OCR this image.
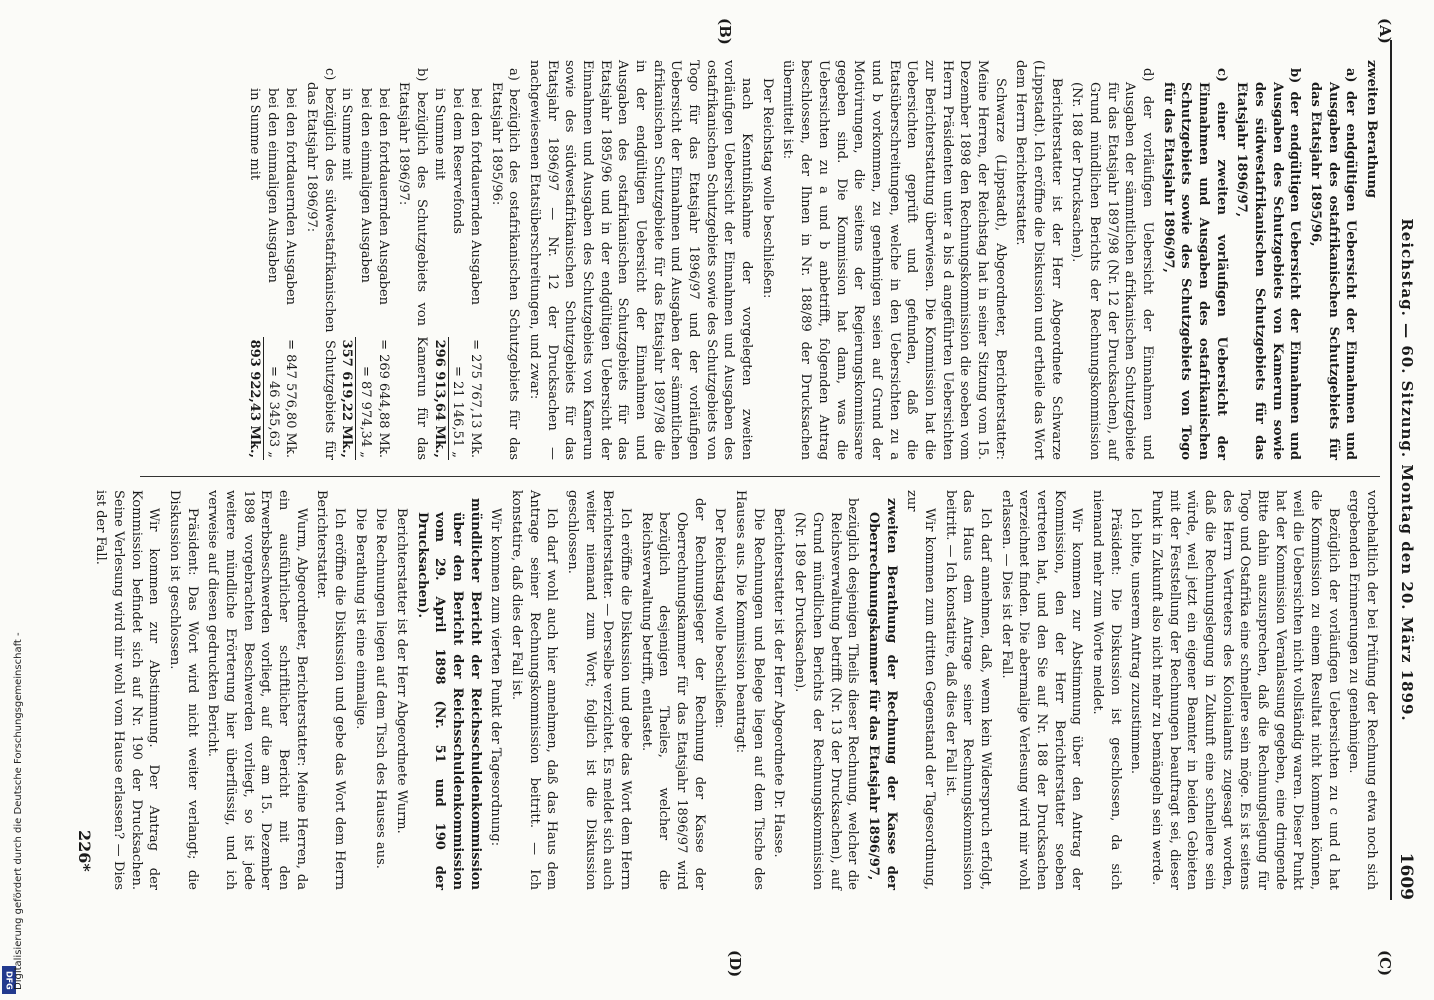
Reichstag. — 60. Sitzung. Montag den 20. März 1899.
1609
(A)
(B)
(C)
(D)

zweiten Berathung

a) der endgültigen Uebersicht der Einnahmen und Ausgaben des ostafrikanischen Schutzgebiets für das Etatsjahr 1895/96,

b) der endgültigen Uebersicht der Einnahmen und Ausgaben des Schutzgebiets von Kamerun sowie des südwestafrikanischen Schutzgebiets für das Etatsjahr 1896/97,

c) einer zweiten vorläufigen Uebersicht der Einnahmen und Ausgaben des ostafrikanischen Schutzgebiets sowie des Schutzgebiets von Togo für das Etatsjahr 1896/97,

d) der vorläufigen Uebersicht der Einnahmen und Ausgaben der sämmtlichen afrikanischen Schutzgebiete für das Etatsjahr 1897/98 (Nr. 12 der Drucksachen), auf Grund mündlichen Berichts der Rechnungskommission (Nr. 188 der Drucksachen).

Berichterstatter ist der Herr Abgeordnete Schwarze (Lippstadt). Ich eröffne die Diskussion und ertheile das Wort dem Herrn Berichterstatter.

Schwarze (Lippstadt), Abgeordneter, Berichterstatter: Meine Herren, der Reichstag hat in seiner Sitzung vom 15. Dezember 1898 den Rechnungskommission die soeben vom Herrn Präsidenten unter a bis d angeführten Uebersichten zur Berichterstattung überwiesen. Die Kommission hat die Uebersichten geprüft und gefunden, daß die Etatsüberschreitungen, welche in den Uebersichten zu a und b vorkommen, zu genehmigen seien auf Grund der Motivirungen, die seitens der Regierungskommissare gegeben sind. Die Kommission hat dann, was die Uebersichten zu a und b anbetrifft, folgenden Antrag beschlossen, der Ihnen in Nr. 188/89 der Drucksachen übermittelt ist:

Der Reichstag wolle beschließen:

nach Kenntnißnahme der vorgelegten zweiten vorläufigen Uebersicht der Einnahmen und Ausgaben des ostafrikanischen Schutzgebiets sowie des Schutzgebiets von Togo für das Etatsjahr 1896/97 und der vorläufigen Uebersicht der Einnahmen und Ausgaben der sämmtlichen afrikanischen Schutzgebiete für das Etatsjahr 1897/98 die in der endgültigen Uebersicht der Einnahmen und Ausgaben des ostafrikanischen Schutzgebiets für das Etatsjahr 1895/96 und in der endgültigen Uebersicht der Einnahmen und Ausgaben des Schutzgebiets von Kamerun sowie des südwestafrikanischen Schutzgebiets für das Etatsjahr 1896/97 — Nr. 12 der Drucksachen — nachgewiesenen Etatsüberschreitungen, und zwar:

a) bezüglich des ostafrikanischen Schutzgebiets für das Etatsjahr 1895/96:

bei den fortdauernden Ausgaben	= 275 767,13 Mk.
bei dem Reservefonds	= 21 146,51 „
in Summe mit	296 913,64 Mk.,

b) bezüglich des Schutzgebiets von Kamerun für das Etatsjahr 1896/97:

bei den fortdauernden Ausgaben	= 269 644,88 Mk.
bei den einmaligen Ausgaben	= 87 974,34 „
in Summe mit	357 619,22 Mk.,

c) bezüglich des südwestafrikanischen Schutzgebiets für das Etatsjahr 1896/97:

bei den fortdauernden Ausgaben	= 847 576,80 Mk.
bei den einmaligen Ausgaben	= 46 345,63 „
in Summe mit	893 922,43 Mk.,

vorbehaltlich der bei Prüfung der Rechnung etwa noch sich ergebenden Erinnerungen zu genehmigen.

Bezüglich der vorläufigen Uebersichten zu c und d hat die Kommission zu einem Resultat nicht kommen können, weil die Uebersichten nicht vollständig waren. Dieser Punkt hat der Kommission Veranlassung gegeben, eine dringende Bitte dahin auszusprechen, daß die Rechnungslegung für Togo und Ostafrika eine schnellere sein möge. Es ist seitens des Herrn Vertreters des Kolonialamts zugesagt worden, daß die Rechnungslegung in Zukunft eine schnellere sein würde, weil jetzt ein eigener Beamter in beiden Gebieten mit der Feststellung der Rechnungen beauftragt sei, dieser Punkt in Zukunft also nicht mehr zu bemängeln sein werde.

Ich bitte, unserem Antrag zuzustimmen.

Präsident: Die Diskussion ist geschlossen, da sich niemand mehr zum Worte meldet.

Wir kommen zur Abstimmung über den Antrag der Kommission, den der Herr Berichterstatter soeben vertreten hat, und den Sie auf Nr. 188 der Drucksachen verzeichnet finden. Die abermalige Verlesung wird mir wohl erlassen. — Dies ist der Fall.

Ich darf annehmen, daß, wenn kein Widerspruch erfolgt, das Haus dem Antrage seiner Rechnungskommission beitritt. — Ich konstatire, daß dies der Fall ist.

Wir kommen zum dritten Gegenstand der Tagesordnung, zur

zweiten Berathung der Rechnung der Kasse der Oberrechnungskammer für das Etatsjahr 1896/97,

bezüglich desjenigen Theils dieser Rechnung, welcher die Reichsverwaltung betrifft (Nr. 13 der Drucksachen), auf Grund mündlichen Berichts der Rechnungskommission (Nr. 189 der Drucksachen).

Berichterstatter ist der Herr Abgeordnete Dr. Hasse.

Die Rechnungen und Belege liegen auf dem Tische des Hauses aus. Die Kommission beantragt:

Der Reichstag wolle beschließen:

der Rechnungsleger der Rechnung der Kasse der Oberrechnungskammer für das Etatsjahr 1896/97 wird bezüglich desjenigen Theiles, welcher die Reichsverwaltung betrifft, entlastet.

Ich eröffne die Diskussion und gebe das Wort dem Herrn Berichterstatter. — Derselbe verzichtet. Es meldet sich auch weiter niemand zum Wort; folglich ist die Diskussion geschlossen.

Ich darf wohl auch hier annehmen, daß das Haus dem Antrage seiner Rechnungskommission beitritt. — Ich konstatire, daß dies der Fall ist.

Wir kommen zum vierten Punkt der Tagesordnung:

mündlicher Bericht der Reichsschuldenkommission über den Bericht der Reichsschuldenkommission vom 29. April 1898 (Nr. 51 und 190 der Drucksachen).

Berichterstatter ist der Herr Abgeordnete Wurm.

Die Rechnungen liegen auf dem Tisch des Hauses aus.

Die Berathung ist eine einmalige.

Ich eröffne die Diskussion und gebe das Wort dem Herrn Berichterstatter.

Wurm, Abgeordneter, Berichterstatter: Meine Herren, da ein ausführlicher schriftlicher Bericht mit den Erwerbsbeschwerden vorliegt, auf die am 15. Dezember 1898 vorgebrachten Beschwerden vorliegt, so ist jede weitere mündliche Erörterung hier überflüssig, und ich verweise auf diesen gedruckten Bericht.

Präsident: Das Wort wird nicht weiter verlangt; die Diskussion ist geschlossen.

Wir kommen zur Abstimmung. Der Antrag der Kommission befindet sich auf Nr. 190 der Drucksachen. Seine Verlesung wird mir wohl vom Hause erlassen? — Dies ist der Fall.

226*
DFG Digitalisierung gefördert durch die Deutsche Forschungsgemeinschaft -
